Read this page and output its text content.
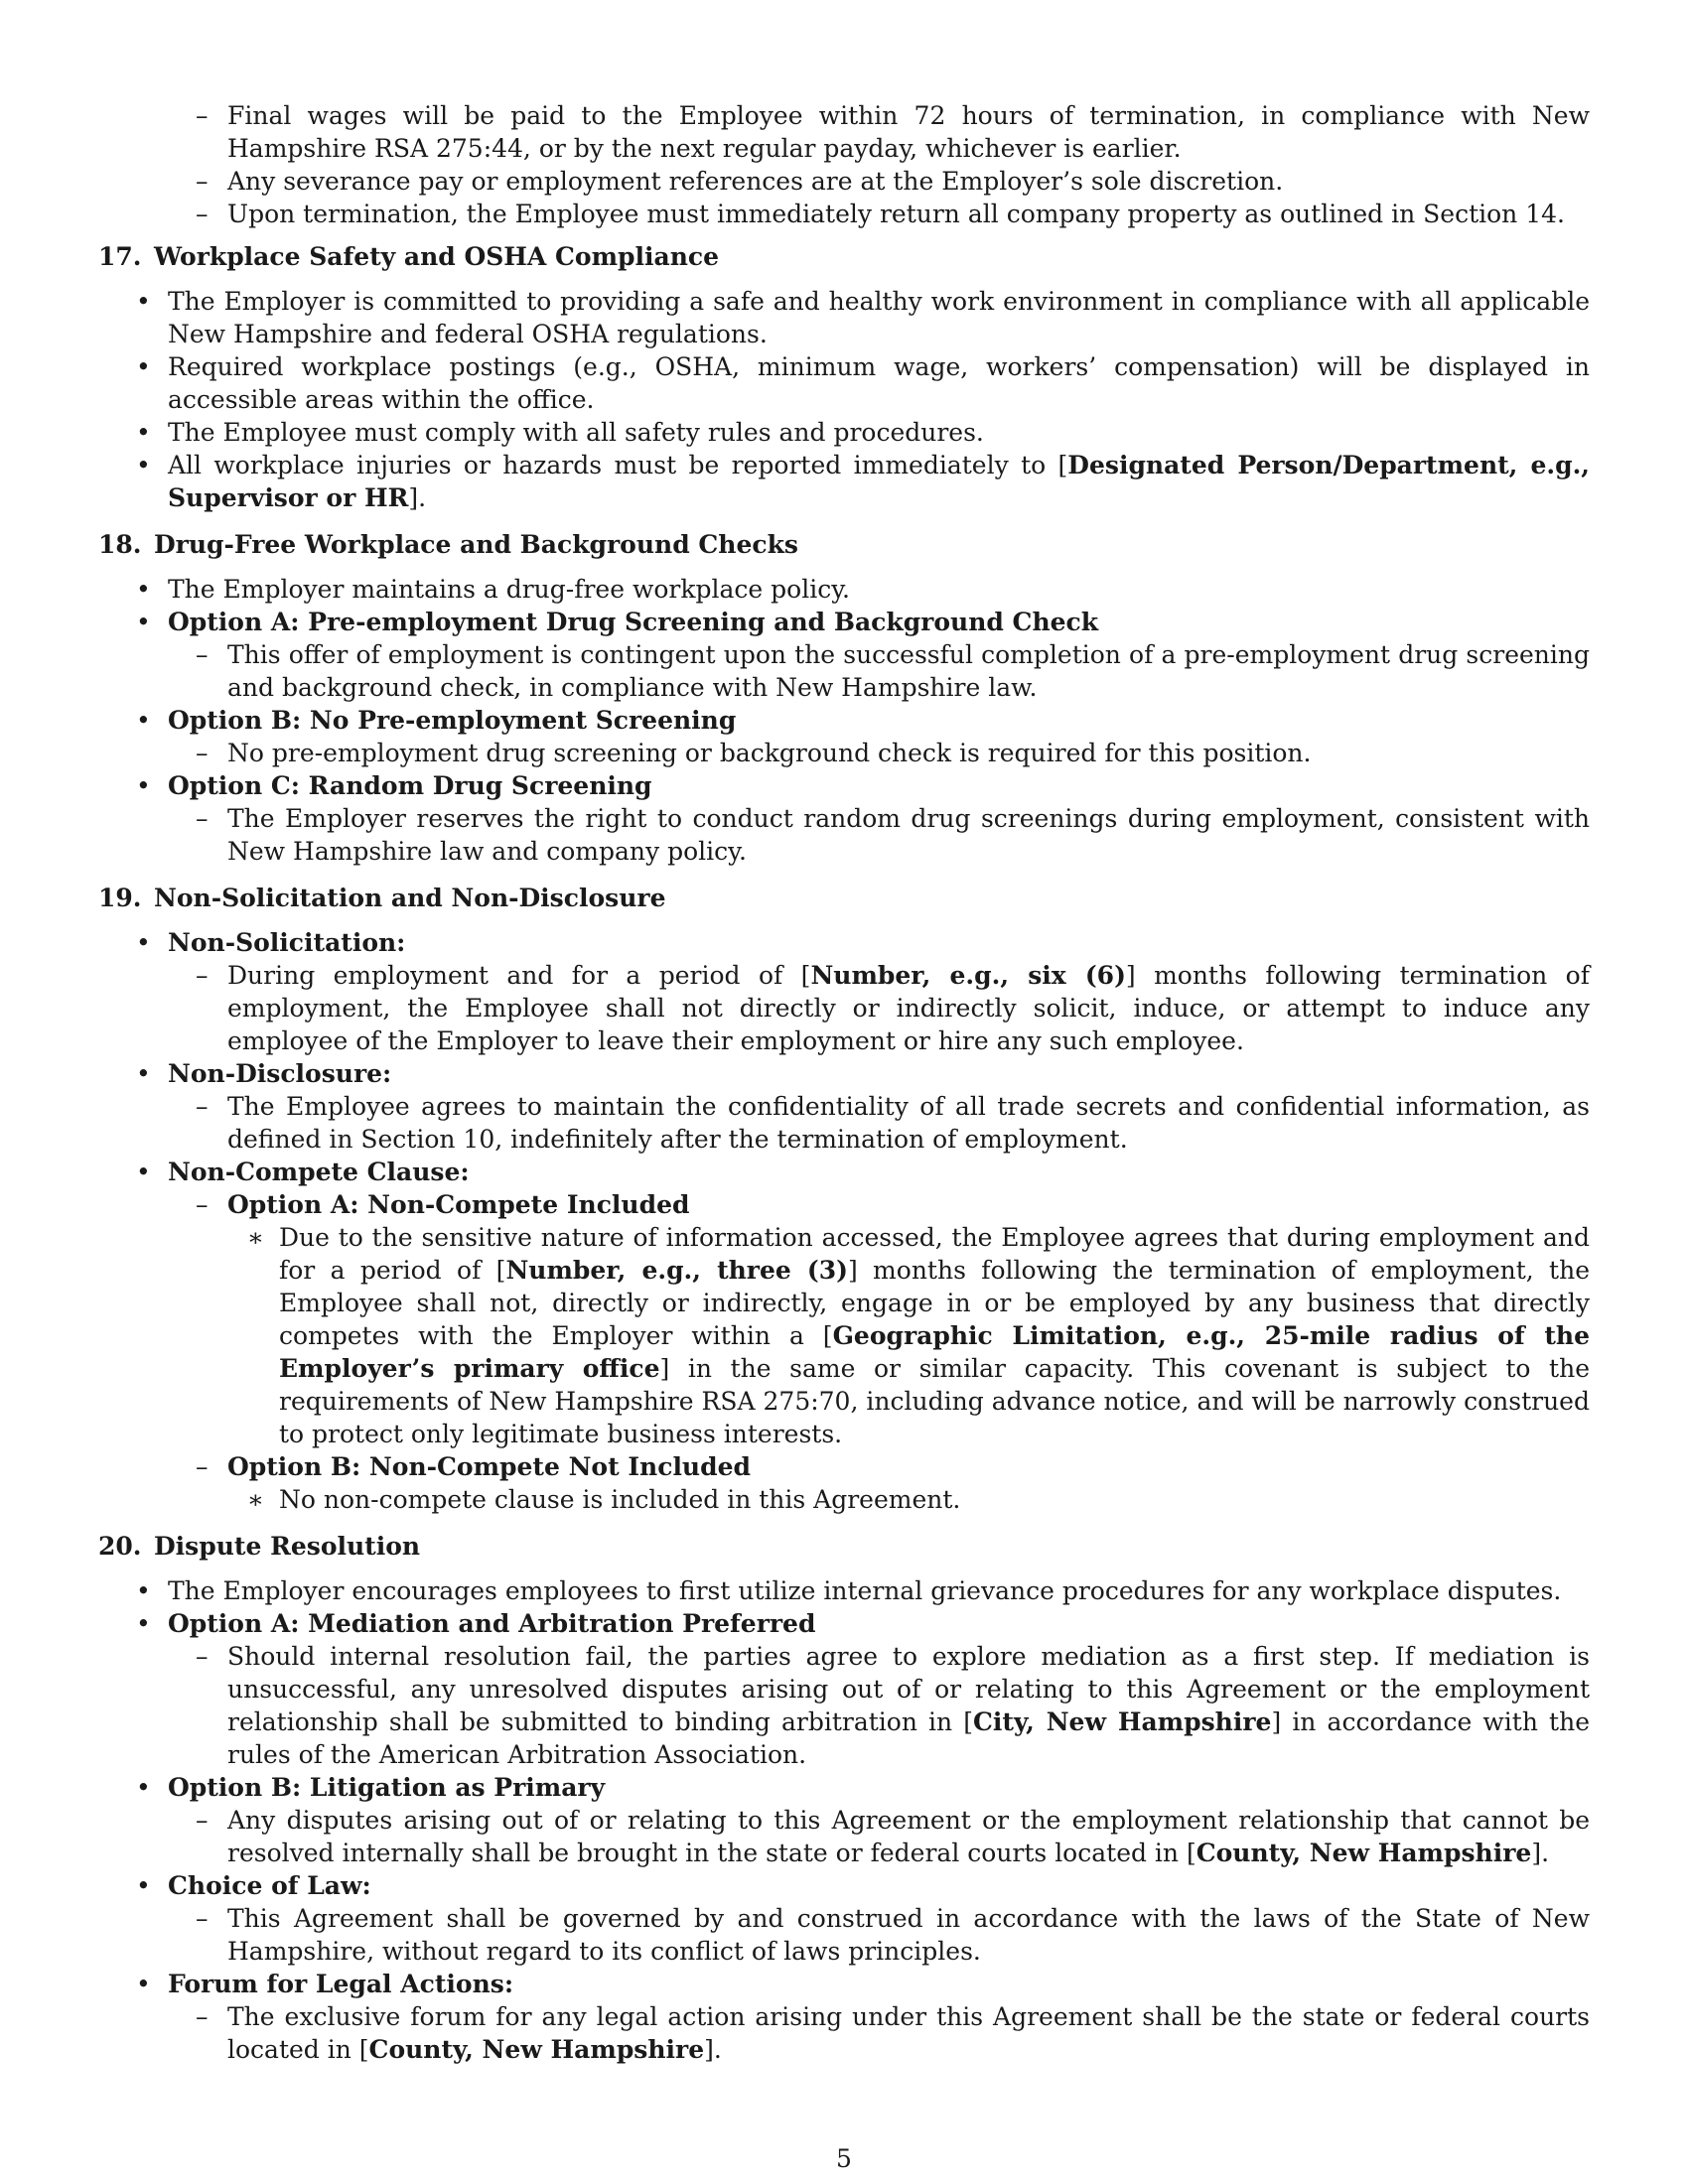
– Final wages will be paid to the Employee within 72 hours of termination, in compliance with New Hampshire RSA 275:44, or by the next regular payday, whichever is earlier.

– Any severance pay or employment references are at the Employer’s sole discretion.

– Upon termination, the Employee must immediately return all company property as outlined in Section 14.

17. Workplace Safety and OSHA Compliance

• The Employer is committed to providing a safe and healthy work environment in compliance with all applicable New Hampshire and federal OSHA regulations.

• Required workplace postings (e.g., OSHA, minimum wage, workers’ compensation) will be displayed in accessible areas within the office.

• The Employee must comply with all safety rules and procedures.

• All workplace injuries or hazards must be reported immediately to [Designated Person/Department, e.g., Supervisor or HR].

18. Drug-Free Workplace and Background Checks

• The Employer maintains a drug-free workplace policy.

• Option A: Pre-employment Drug Screening and Background Check

– This offer of employment is contingent upon the successful completion of a pre-employment drug screening and background check, in compliance with New Hampshire law.

• Option B: No Pre-employment Screening

– No pre-employment drug screening or background check is required for this position.

• Option C: Random Drug Screening

– The Employer reserves the right to conduct random drug screenings during employment, consistent with New Hampshire law and company policy.

19. Non-Solicitation and Non-Disclosure

• Non-Solicitation:

– During employment and for a period of [Number, e.g., six (6)] months following termination of employment, the Employee shall not directly or indirectly solicit, induce, or attempt to induce any employee of the Employer to leave their employment or hire any such employee.

• Non-Disclosure:

– The Employee agrees to maintain the confidentiality of all trade secrets and confidential information, as defined in Section 10, indefinitely after the termination of employment.

• Non-Compete Clause:

– Option A: Non-Compete Included

∗ Due to the sensitive nature of information accessed, the Employee agrees that during employment and for a period of [Number, e.g., three (3)] months following the termination of employment, the Employee shall not, directly or indirectly, engage in or be employed by any business that directly competes with the Employer within a [Geographic Limitation, e.g., 25-mile radius of the Employer’s primary office] in the same or similar capacity. This covenant is subject to the requirements of New Hampshire RSA 275:70, including advance notice, and will be narrowly construed to protect only legitimate business interests.

– Option B: Non-Compete Not Included

∗ No non-compete clause is included in this Agreement.

20. Dispute Resolution

• The Employer encourages employees to first utilize internal grievance procedures for any workplace disputes.

• Option A: Mediation and Arbitration Preferred

– Should internal resolution fail, the parties agree to explore mediation as a first step. If mediation is unsuccessful, any unresolved disputes arising out of or relating to this Agreement or the employment relationship shall be submitted to binding arbitration in [City, New Hampshire] in accordance with the rules of the American Arbitration Association.

• Option B: Litigation as Primary

– Any disputes arising out of or relating to this Agreement or the employment relationship that cannot be resolved internally shall be brought in the state or federal courts located in [County, New Hampshire].

• Choice of Law:

– This Agreement shall be governed by and construed in accordance with the laws of the State of New Hampshire, without regard to its conflict of laws principles.

• Forum for Legal Actions:

– The exclusive forum for any legal action arising under this Agreement shall be the state or federal courts located in [County, New Hampshire].

5
